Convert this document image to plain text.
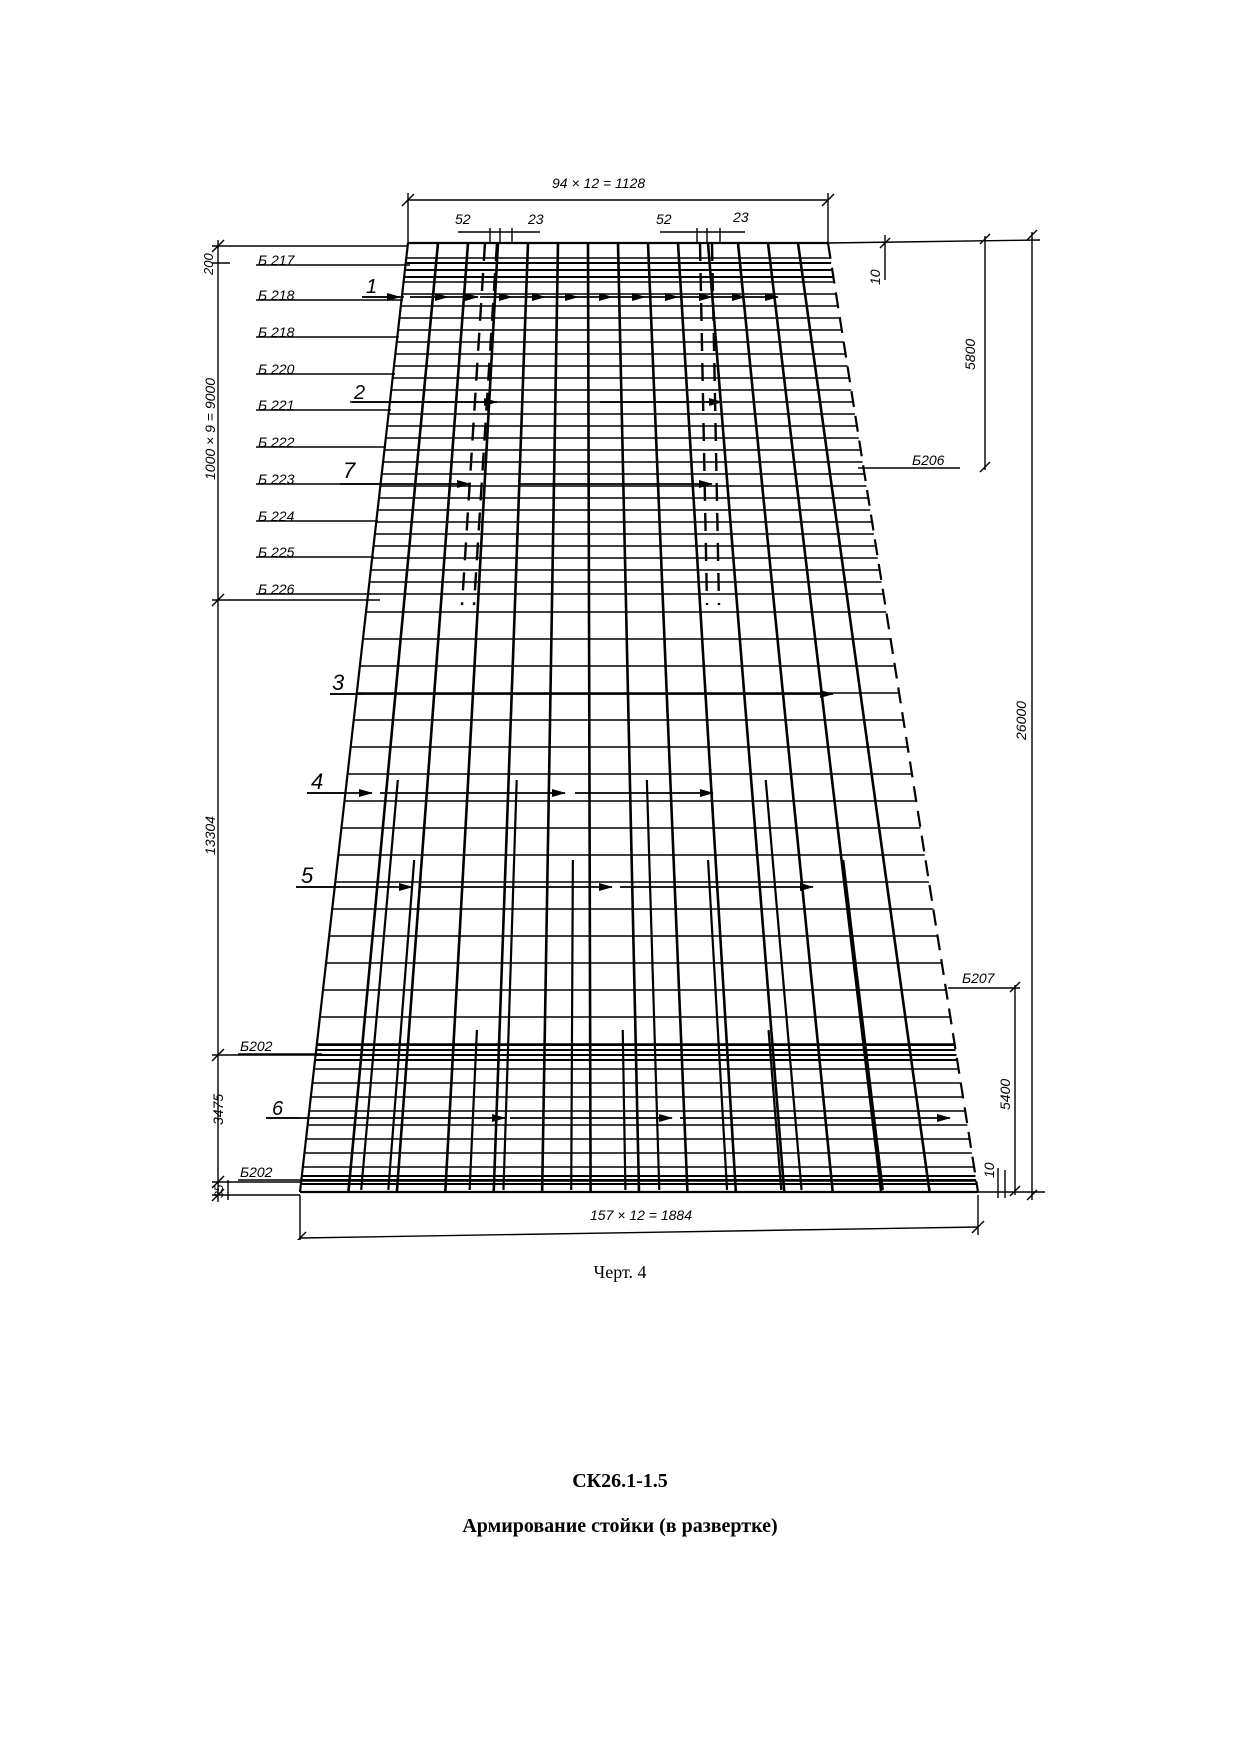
94 × 12 = 1128
52	23	52	23
200
1000 × 9 = 9000
13304
3475
35
10
5800
26000
5400
10
157 × 12 = 1884
Б 217
Б 218
Б 218
Б 220
Б 221
Б 222
Б 223
Б 224
Б 225
Б 226
Б202
Б202
Б206
Б207
1
2
7
3
4
5
6
Черт. 4
СК26.1-1.5
Армирование стойки (в развертке)
